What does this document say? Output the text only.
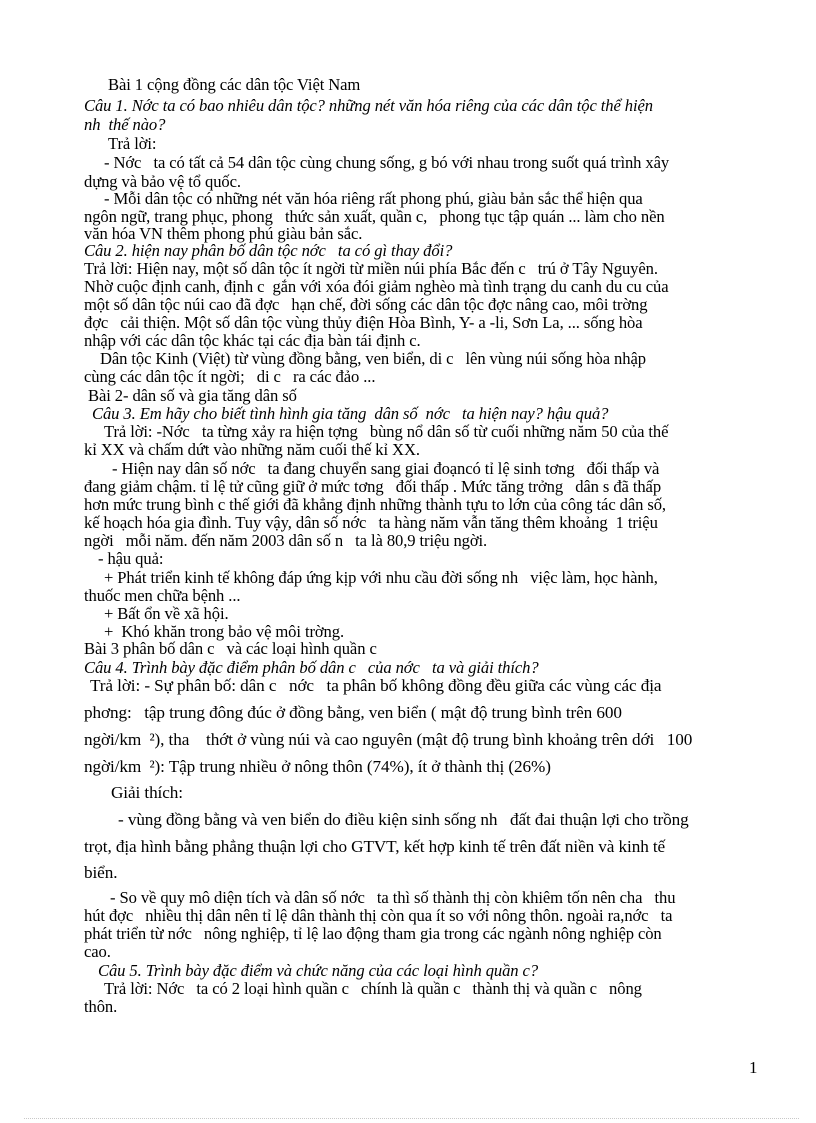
Bài 1 cộng đồng các dân tộc Việt Nam

Câu 1. Nớc ta có bao nhiêu dân tộc? những nét văn hóa riêng của các dân tộc thể hiện

nh  thế nào?

Trả lời:

- Nớc   ta có tất cả 54 dân tộc cùng chung sống, g bó với nhau trong suốt quá trình xây

dựng và bảo vệ tổ quốc.

- Mỗi dân tộc có những nét văn hóa riêng rất phong phú, giàu bản sắc thể hiện qua

ngôn ngữ, trang phục, phong   thức sản xuất, quần c,   phong tục tập quán ... làm cho nền

văn hóa VN thêm phong phú giàu bản sắc.

Câu 2. hiện nay phân bố dân tộc nớc   ta có gì thay đổi?

Trả lời: Hiện nay, một số dân tộc ít ngời từ miền núi phía Bắc đến c   trú ở Tây Nguyên.

Nhờ cuộc định canh, định c  gắn với xóa đói giảm nghèo mà tình trạng du canh du cu của

một số dân tộc núi cao đã đợc   hạn chế, đời sống các dân tộc đợc nâng cao, môi trờng

đợc   cải thiện. Một số dân tộc vùng thủy điện Hòa Bình, Y- a -li, Sơn La, ... sống hòa

nhập với các dân tộc khác tại các địa bàn tái định c.

Dân tộc Kinh (Việt) từ vùng đồng bằng, ven biển, di c   lên vùng núi sống hòa nhập

cùng các dân tộc ít ngời;   di c   ra các đảo ...

Bài 2- dân số và gia tăng dân số

Câu 3. Em hãy cho biết tình hình gia tăng  dân số  nớc   ta hiện nay? hậu quả?

Trả lời: -Nớc   ta từng xảy ra hiện tợng   bùng nổ dân số từ cuối những năm 50 của thế

kỉ XX và chấm dứt vào những năm cuối thế kỉ XX.

- Hiện nay dân số nớc   ta đang chuyển sang giai đoạncó tỉ lệ sinh tơng   đối thấp và

đang giảm chậm. tỉ lệ tử cũng giữ ở mức tơng   đối thấp . Mức tăng trởng   dân s đã thấp

hơn mức trung bình c thế giới đã khẳng định những thành tựu to lớn của công tác dân số,

kế hoạch hóa gia đình. Tuy vậy, dân số nớc   ta hàng năm vẫn tăng thêm khoảng  1 triệu

ngời   mỗi năm. đến năm 2003 dân số n   ta là 80,9 triệu ngời.

- hậu quả:

+ Phát triển kinh tế không đáp ứng kịp với nhu cầu đời sống nh   việc làm, học hành,

thuốc men chữa bệnh ...

+ Bất ổn về xã hội.

+  Khó khăn trong bảo vệ môi trờng.

Bài 3 phân bố dân c   và các loại hình quần c

Câu 4. Trình bày đặc điểm phân bố dân c   của nớc   ta và giải thích?

Trả lời: - Sự phân bố: dân c   nớc   ta phân bố không đồng đều giữa các vùng các địa

phơng:   tập trung đông đúc ở đồng bằng, ven biển ( mật độ trung bình trên 600

ngời/km  ²), tha    thớt ở vùng núi và cao nguyên (mật độ trung bình khoảng trên dới   100

ngời/km  ²): Tập trung nhiều ở nông thôn (74%), ít ở thành thị (26%)

Giải thích:

- vùng đồng bằng và ven biển do điều kiện sinh sống nh   đất đai thuận lợi cho trồng

trọt, địa hình bằng phẳng thuận lợi cho GTVT, kết hợp kinh tế trên đất niền và kinh tế

biển.

- So về quy mô diện tích và dân số nớc   ta thì số thành thị còn khiêm tốn nên cha   thu

hút đợc   nhiều thị dân nên tỉ lệ dân thành thị còn qua ít so với nông thôn. ngoài ra,nớc   ta

phát triển từ nớc   nông nghiệp, tỉ lệ lao động tham gia trong các ngành nông nghiệp còn

cao.

Câu 5. Trình bày đặc điểm và chức năng của các loại hình quần c?

Trả lời: Nớc   ta có 2 loại hình quần c   chính là quần c   thành thị và quần c   nông

thôn.

1
